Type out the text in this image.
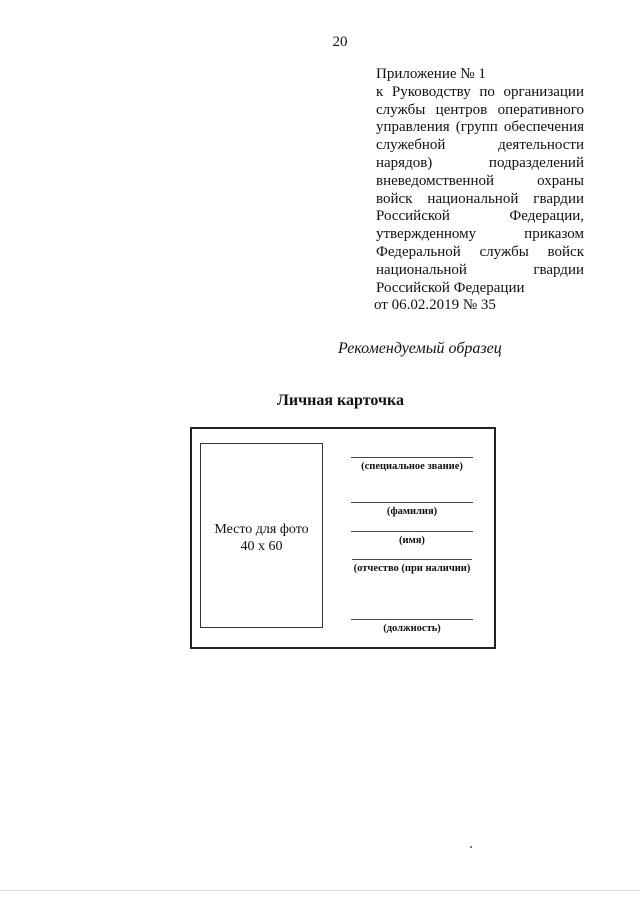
20
Приложение № 1
к Руководству по организации
службы центров оперативного
управления (групп обеспечения
служебной деятельности
нарядов) подразделений
вневедомственной охраны
войск национальной гвардии
Российской Федерации,
утвержденному приказом
Федеральной службы войск
национальной гвардии
Российской Федерации
от 06.02.2019 № 35
Рекомендуемый образец
Личная карточка
Место для фото
40 х 60
(специальное звание)
(фамилия)
(имя)
(отчество (при наличии)
(должность)
